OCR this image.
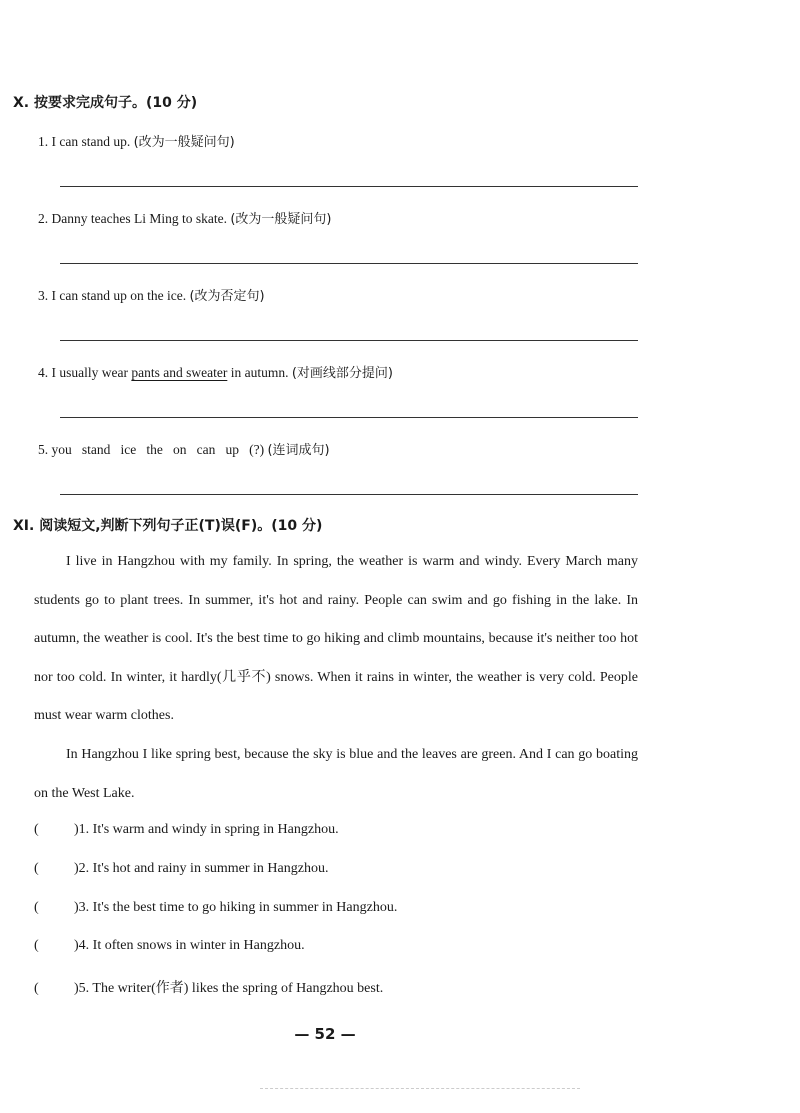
X. 按要求完成句子。(10 分)
1. I can stand up. (改为一般疑问句)
2. Danny teaches Li Ming to skate. (改为一般疑问句)
3. I can stand up on the ice. (改为否定句)
4. I usually wear pants and sweater in autumn. (对画线部分提问)
5. you   stand   ice   the   on   can   up   (?) (连词成句)
XI. 阅读短文,判断下列句子正(T)误(F)。(10 分)
I live in Hangzhou with my family. In spring, the weather is warm and windy. Every March many students go to plant trees. In summer, it's hot and rainy. People can swim and go fishing in the lake. In autumn, the weather is cool. It's the best time to go hiking and climb mountains, because it's neither too hot nor too cold. In winter, it hardly(几乎不) snows. When it rains in winter, the weather is very cold. People must wear warm clothes.
In Hangzhou I like spring best, because the sky is blue and the leaves are green. And I can go boating on the West Lake.
(	)1. It's warm and windy in spring in Hangzhou.
(	)2. It's hot and rainy in summer in Hangzhou.
(	)3. It's the best time to go hiking in summer in Hangzhou.
(	)4. It often snows in winter in Hangzhou.
(	)5. The writer(作者) likes the spring of Hangzhou best.
— 52 —
